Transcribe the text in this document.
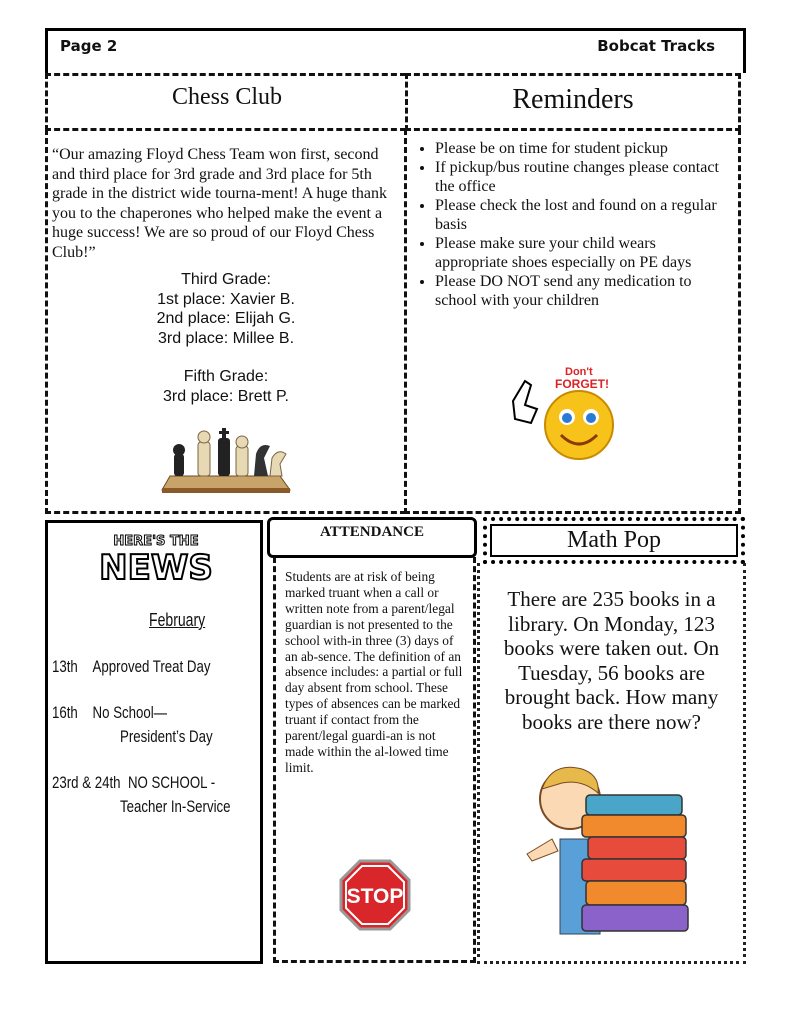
Page 2	Bobcat Tracks
Chess Club	Reminders

“Our amazing Floyd Chess Team won first, second and third place for 3rd grade and 3rd place for 5th grade in the district wide tourna-ment! A huge thank you to the chaperones who helped make the event a huge success! We are so proud of our Floyd Chess Club!”

Third Grade:
1st place: Xavier B.
2nd place: Elijah G.
3rd place: Millee B.
Fifth Grade:
3rd place: Brett P.
• Please be on time for student pickup
• If pickup/bus routine changes please contact the office
• Please check the lost and found on a regular basis
• Please make sure your child wears appropriate shoes especially on PE days
• Please DO NOT send any medication to school with your children
Don't
FORGET!
HERE'S THE
NEWS
February
13th Approved Treat Day
16th No School—
President’s Day
23rd & 24th NO SCHOOL -
Teacher In-Service
ATTENDANCE
Students are at risk of being marked truant when a call or written note from a parent/legal guardian is not presented to the school with-in three (3) days of an ab-sence. The definition of an absence includes: a partial or full day absent from school. These types of absences can be marked truant if contact from the parent/legal guardi-an is not made within the al-lowed time limit.
STOP
Math Pop
There are 235 books in a library. On Monday, 123 books were taken out. On Tuesday, 56 books are brought back. How many books are there now?
